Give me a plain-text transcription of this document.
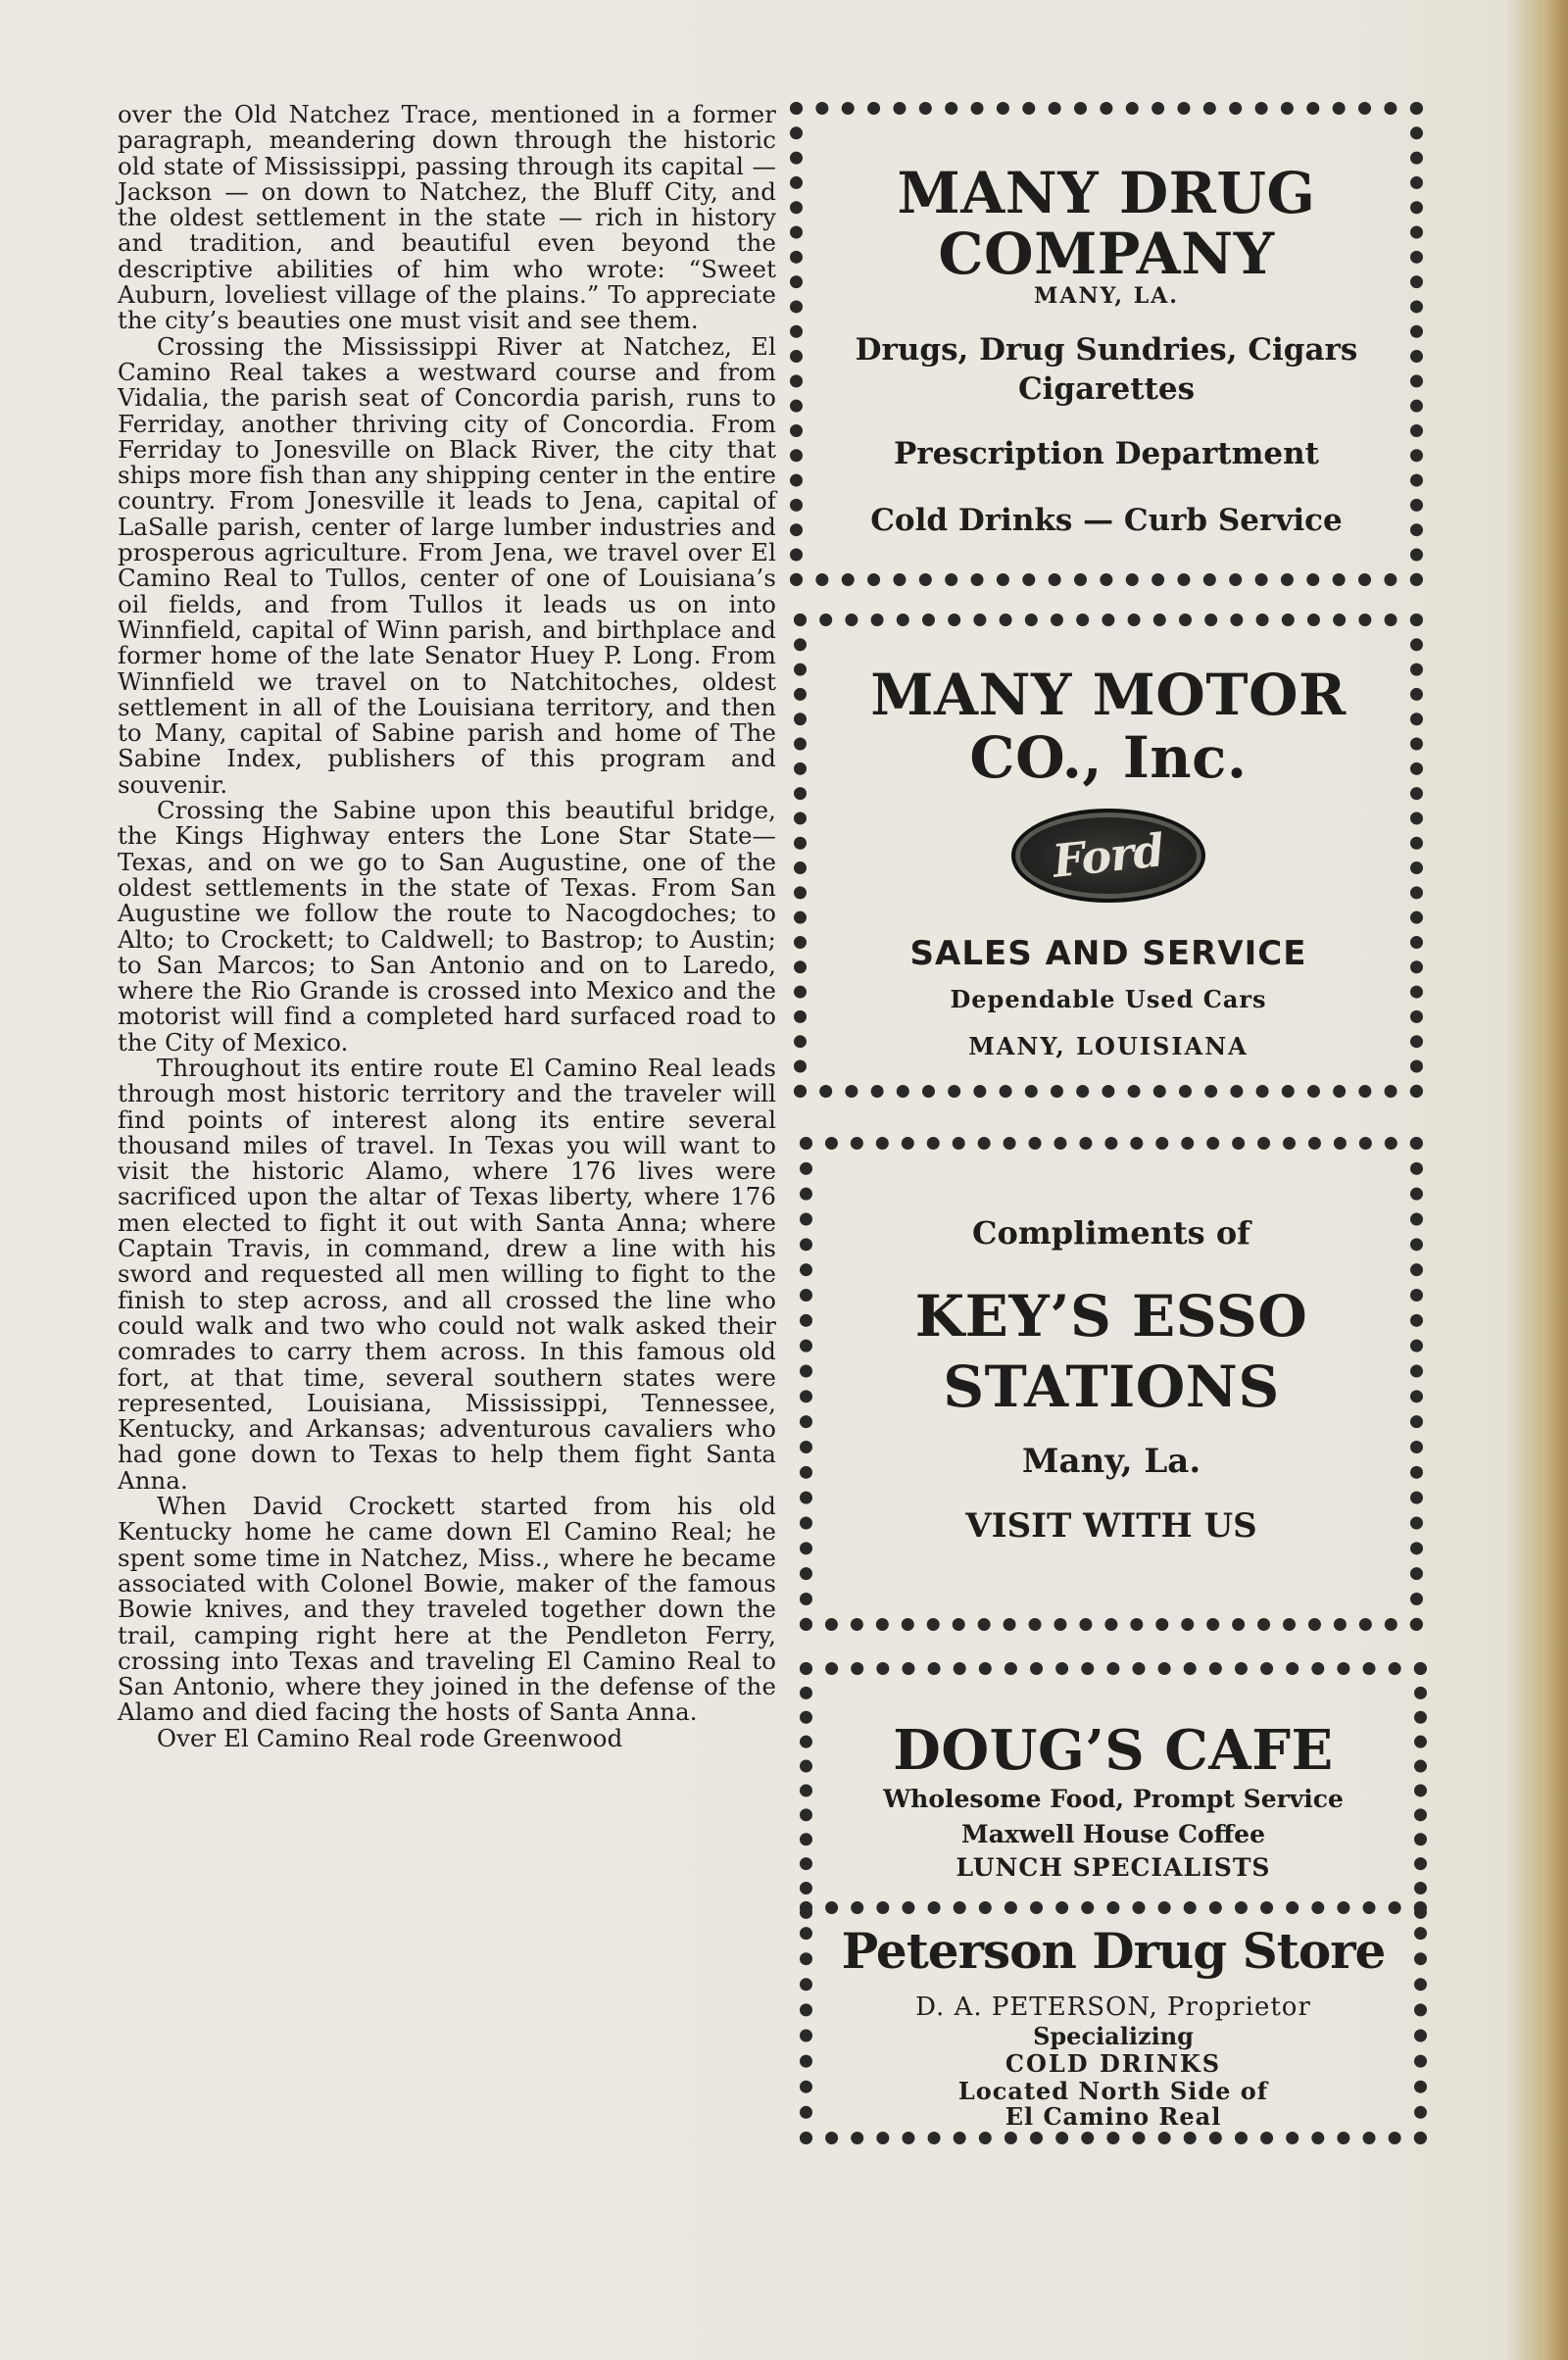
over the Old Natchez Trace, mentioned in a former paragraph, meandering down through the historic old state of Mississippi, passing through its capital — Jackson — on down to Natchez, the Bluff City, and the oldest settlement in the state — rich in history and tradition, and beautiful even beyond the descriptive abilities of him who wrote: “Sweet Auburn, loveliest village of the plains.” To appreciate the city’s beauties one must visit and see them.

Crossing the Mississippi River at Natchez, El Camino Real takes a westward course and from Vidalia, the parish seat of Concordia parish, runs to Ferriday, another thriving city of Concordia. From Ferriday to Jonesville on Black River, the city that ships more fish than any shipping center in the entire country. From Jonesville it leads to Jena, capital of LaSalle parish, center of large lumber industries and prosperous agriculture. From Jena, we travel over El Camino Real to Tullos, center of one of Louisiana’s oil fields, and from Tullos it leads us on into Winnfield, capital of Winn parish, and birthplace and former home of the late Senator Huey P. Long. From Winnfield we travel on to Natchitoches, oldest settlement in all of the Louisiana territory, and then to Many, capital of Sabine parish and home of The Sabine Index, publishers of this program and souvenir.

Crossing the Sabine upon this beautiful bridge, the Kings Highway enters the Lone Star State—Texas, and on we go to San Augustine, one of the oldest settlements in the state of Texas. From San Augustine we follow the route to Nacogdoches; to Alto; to Crockett; to Caldwell; to Bastrop; to Austin; to San Marcos; to San Antonio and on to Laredo, where the Rio Grande is crossed into Mexico and the motorist will find a completed hard surfaced road to the City of Mexico.

Throughout its entire route El Camino Real leads through most historic territory and the traveler will find points of interest along its entire several thousand miles of travel. In Texas you will want to visit the historic Alamo, where 176 lives were sacrificed upon the altar of Texas liberty, where 176 men elected to fight it out with Santa Anna; where Captain Travis, in command, drew a line with his sword and requested all men willing to fight to the finish to step across, and all crossed the line who could walk and two who could not walk asked their comrades to carry them across. In this famous old fort, at that time, several southern states were represented, Louisiana, Mississippi, Tennessee, Kentucky, and Arkansas; adventurous cavaliers who had gone down to Texas to help them fight Santa Anna.

When David Crockett started from his old Kentucky home he came down El Camino Real; he spent some time in Natchez, Miss., where he became associated with Colonel Bowie, maker of the famous Bowie knives, and they traveled together down the trail, camping right here at the Pendleton Ferry, crossing into Texas and traveling El Camino Real to San Antonio, where they joined in the defense of the Alamo and died facing the hosts of Santa Anna.

Over El Camino Real rode Greenwood

MANY DRUG
COMPANY
MANY, LA.
Drugs, Drug Sundries, Cigars
Cigarettes
Prescription Department
Cold Drinks — Curb Service
MANY MOTOR
CO., Inc.
Ford
SALES AND SERVICE
Dependable Used Cars
MANY, LOUISIANA
Compliments of
KEY’S ESSO
STATIONS
Many, La.
VISIT WITH US
DOUG’S CAFE
Wholesome Food, Prompt Service
Maxwell House Coffee
LUNCH SPECIALISTS
Peterson Drug Store
D. A. PETERSON, Proprietor
Specializing
COLD DRINKS
Located North Side of
El Camino Real
